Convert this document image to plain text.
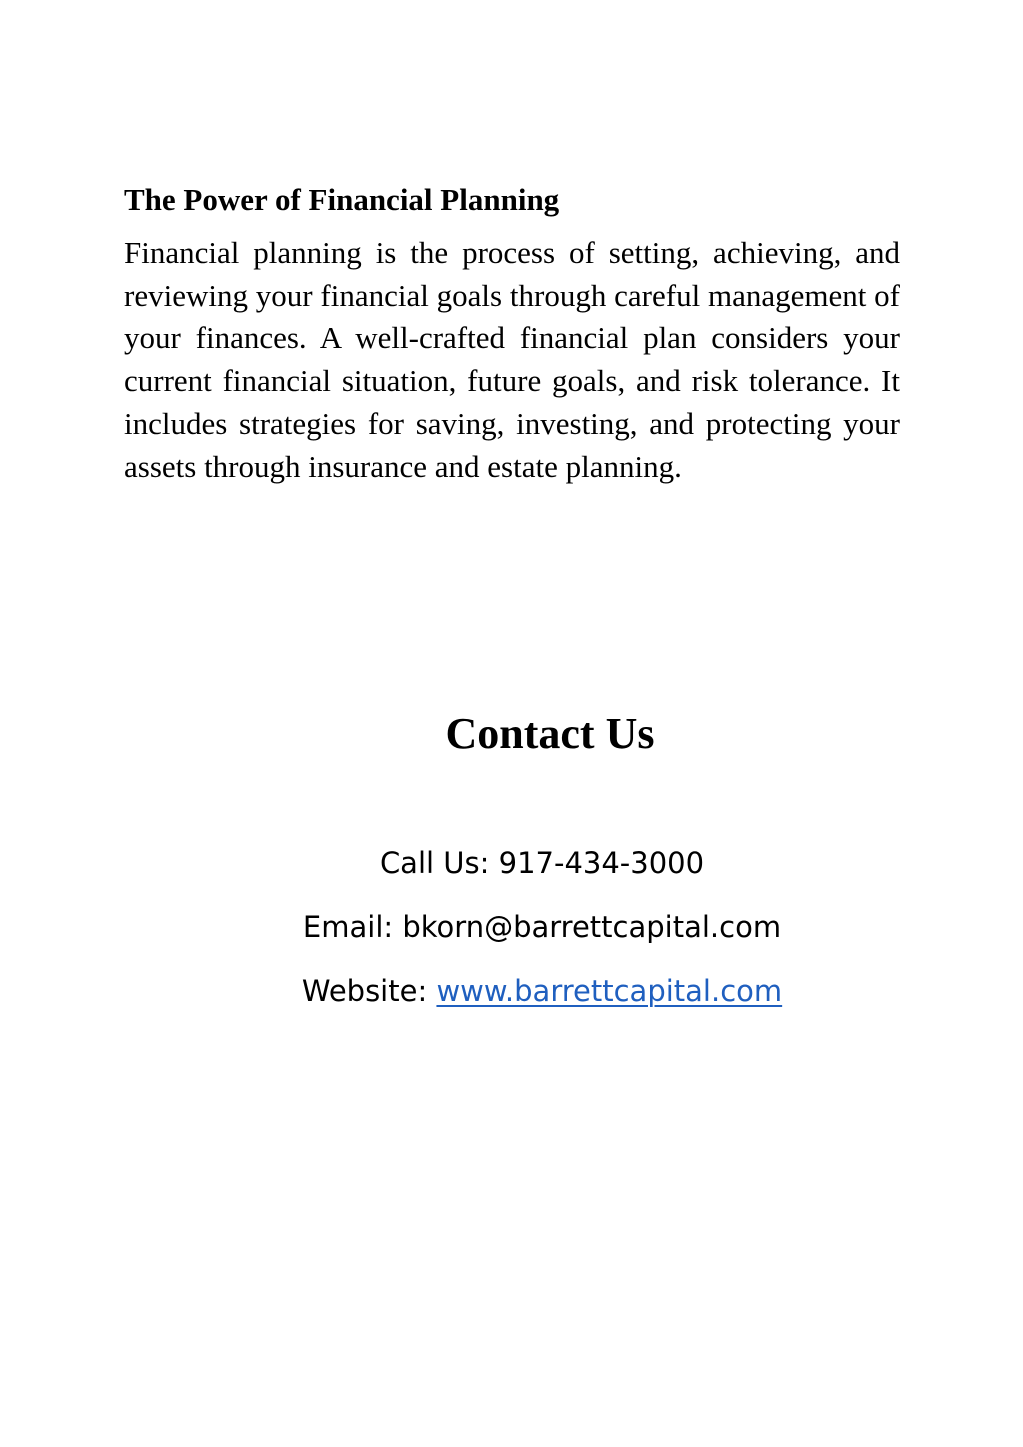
The Power of Financial Planning

Financial planning is the process of setting, achieving, and reviewing your financial goals through careful management of your finances. A well-crafted financial plan considers your current financial situation, future goals, and risk tolerance. It includes strategies for saving, investing, and protecting your assets through insurance and estate planning.

Contact Us
Call Us: 917-434-3000
Email: bkorn@barrettcapital.com
Website: www.barrettcapital.com
